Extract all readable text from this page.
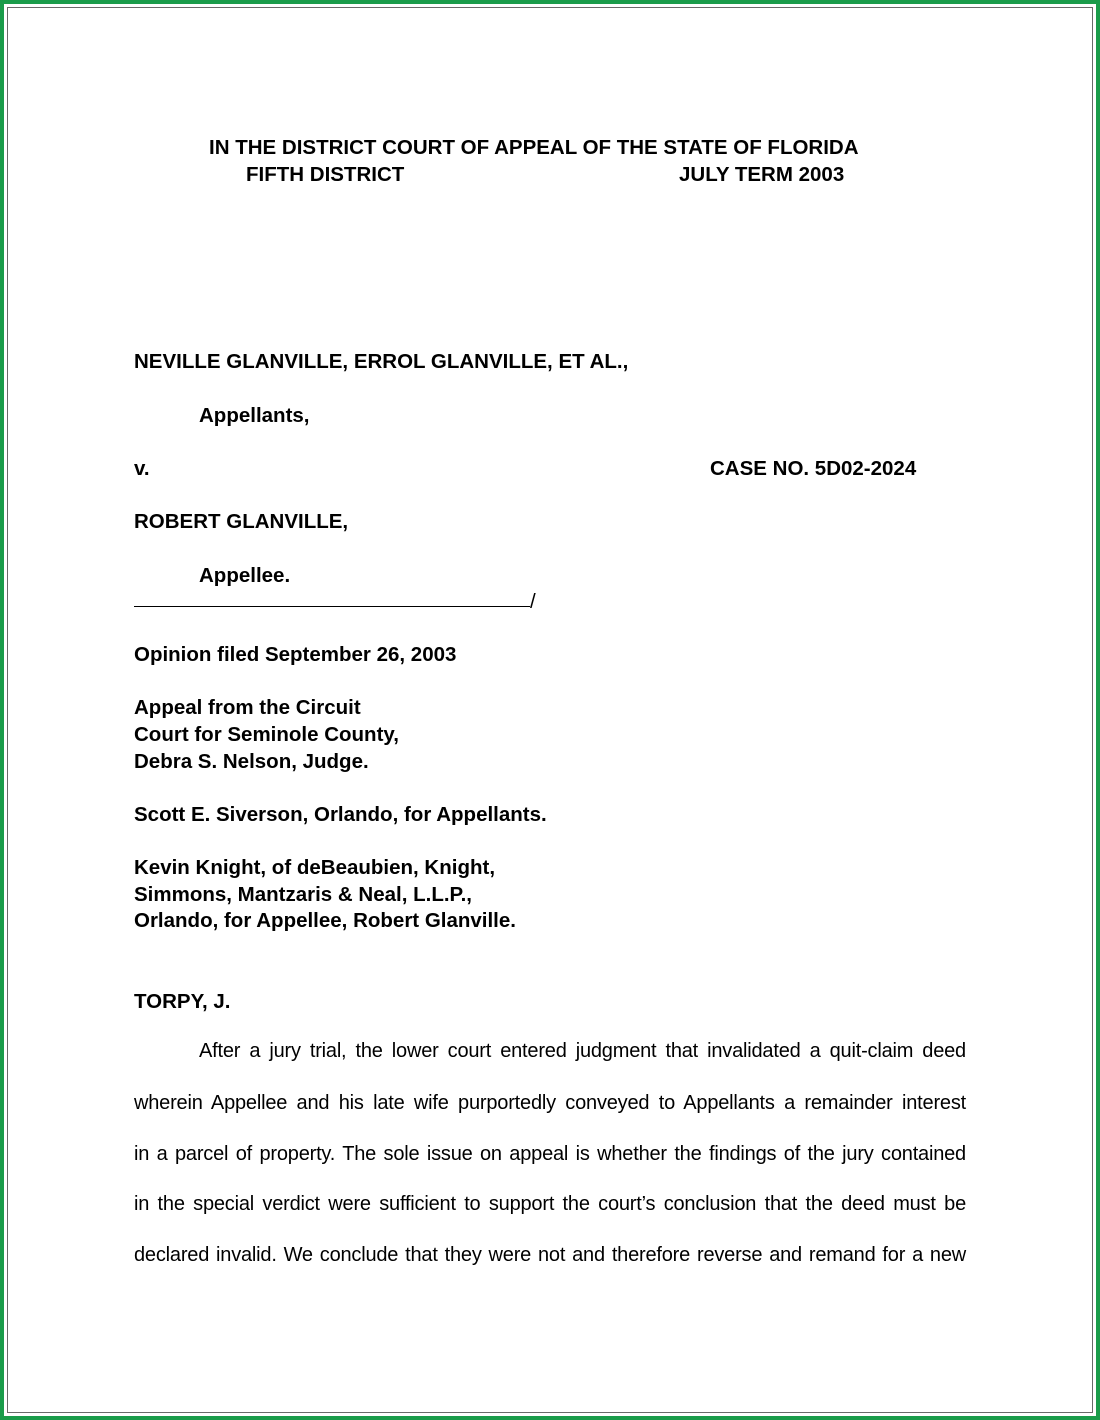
IN THE DISTRICT COURT OF APPEAL OF THE STATE OF FLORIDA
FIFTH DISTRICT	JULY TERM 2003
NEVILLE GLANVILLE, ERROL GLANVILLE, ET AL.,
Appellants,
v.	CASE NO. 5D02-2024
ROBERT GLANVILLE,
Appellee.
/
Opinion filed September 26, 2003
Appeal from the Circuit
Court for Seminole County,
Debra S. Nelson, Judge.
Scott E. Siverson, Orlando, for Appellants.
Kevin Knight, of deBeaubien, Knight,
Simmons, Mantzaris & Neal, L.L.P.,
Orlando, for Appellee, Robert Glanville.
TORPY, J.
After a jury trial, the lower court entered judgment that invalidated a quit-claim deed
wherein Appellee and his late wife purportedly conveyed to Appellants a remainder interest
in a parcel of property. The sole issue on appeal is whether the findings of the jury contained
in the special verdict were sufficient to support the court’s conclusion that the deed must be
declared invalid. We conclude that they were not and therefore reverse and remand for a new
